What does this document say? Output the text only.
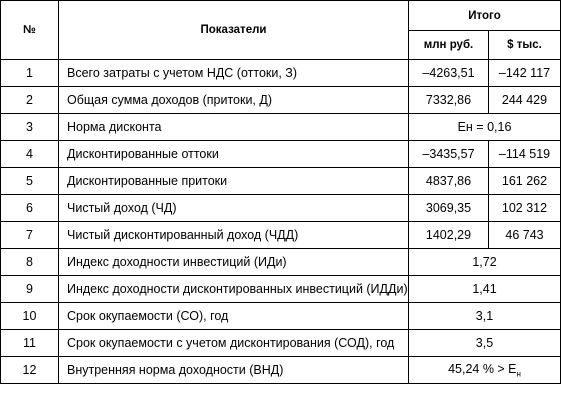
№	Показатели	Итого	
		млн руб.	$ тыс.
1	Всего затраты с учетом НДС (оттоки, З)	–4263,51	–142 117
2	Общая сумма доходов (притоки, Д)	7332,86	244 429
3	Норма дисконта	Ен = 0,16	
4	Дисконтированные оттоки	–3435,57	–114 519
5	Дисконтированные притоки	4837,86	161 262
6	Чистый доход (ЧД)	3069,35	102 312
7	Чистый дисконтированный доход (ЧДД)	1402,29	46 743
8	Индекс доходности инвестиций (ИДи)	1,72	
9	Индекс доходности дисконтированных инвестиций (ИДДи)	1,41	
10	Срок окупаемости (СО), год	3,1	
11	Срок окупаемости с учетом дисконтирования (СОД), год	3,5	
12	Внутренняя норма доходности (ВНД)	45,24 % > $Е_н$
